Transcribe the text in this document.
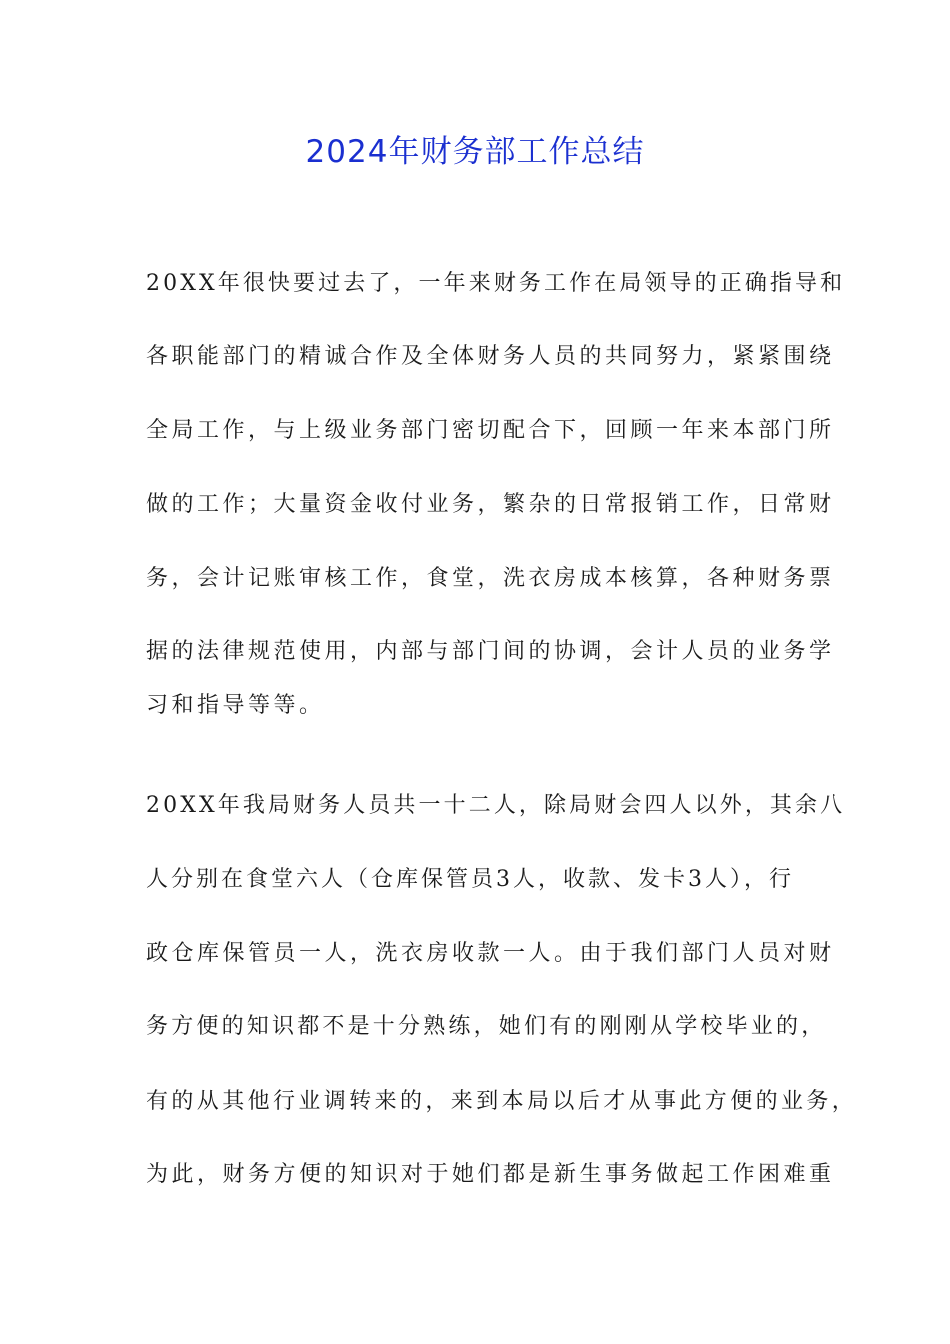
2024年财务部工作总结
20XX年很快要过去了，一年来财务工作在局领导的正确指导和
各职能部门的精诚合作及全体财务人员的共同努力，紧紧围绕
全局工作，与上级业务部门密切配合下，回顾一年来本部门所
做的工作；大量资金收付业务，繁杂的日常报销工作，日常财
务，会计记账审核工作，食堂，洗衣房成本核算，各种财务票
据的法律规范使用，内部与部门间的协调，会计人员的业务学
习和指导等等。
20XX年我局财务人员共一十二人，除局财会四人以外，其余八
人分别在食堂六人（仓库保管员3人，收款、发卡3人），行
政仓库保管员一人，洗衣房收款一人。由于我们部门人员对财
务方便的知识都不是十分熟练，她们有的刚刚从学校毕业的，
有的从其他行业调转来的，来到本局以后才从事此方便的业务，
为此，财务方便的知识对于她们都是新生事务做起工作困难重
